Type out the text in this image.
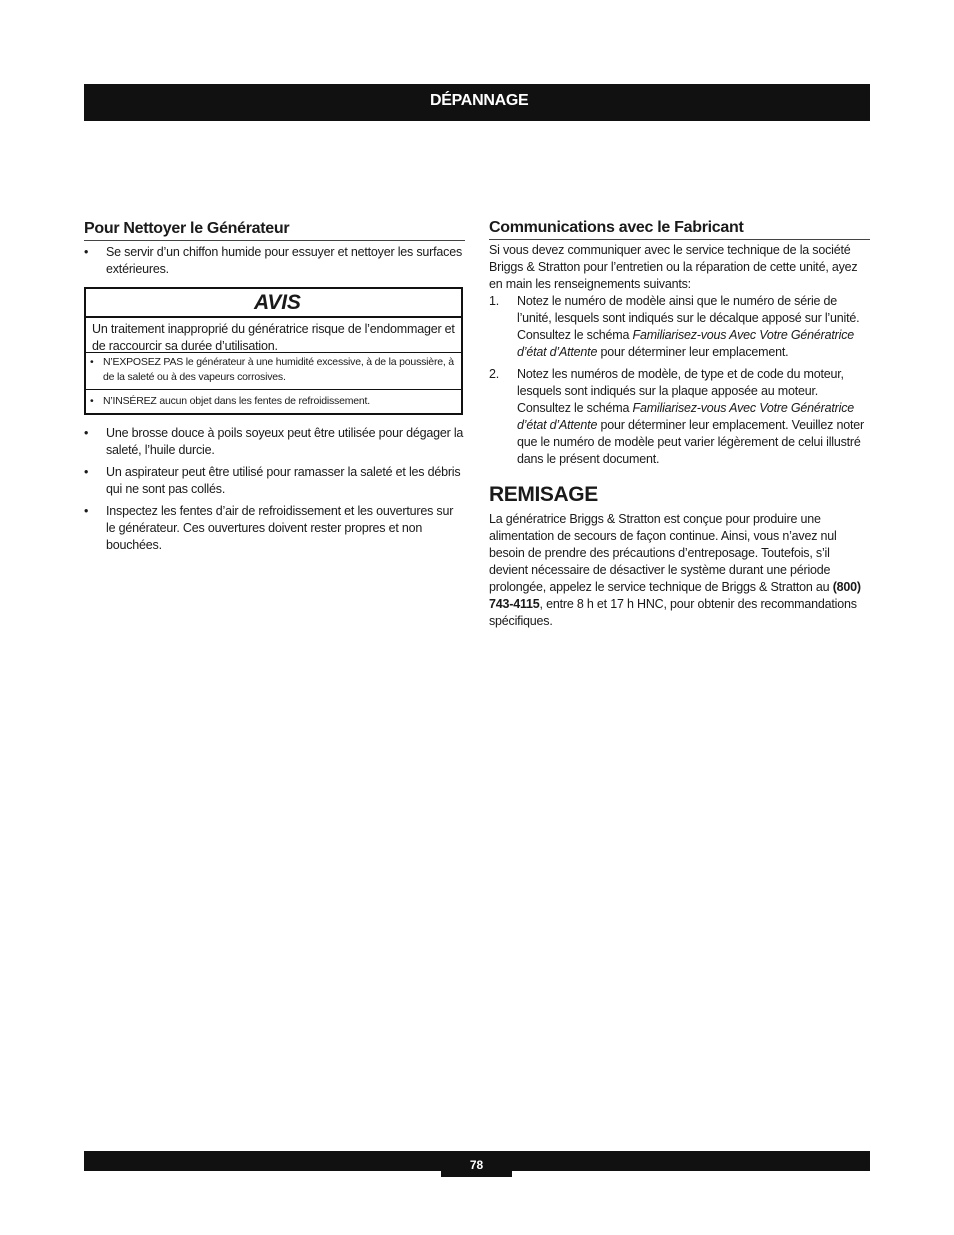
DÉPANNAGE
Pour Nettoyer le Générateur
• Se servir d’un chiffon humide pour essuyer et nettoyer les surfaces extérieures.
AVIS
Un traitement inapproprié du génératrice risque de l’endommager et de raccourcir sa durée d’utilisation.
• N’EXPOSEZ PAS le générateur à une humidité excessive, à de la poussière, à de la saleté ou à des vapeurs corrosives.
• N’INSÉREZ aucun objet dans les fentes de refroidissement.
• Une brosse douce à poils soyeux peut être utilisée pour dégager la saleté, l’huile durcie.
• Un aspirateur peut être utilisé pour ramasser la saleté et les débris qui ne sont pas collés.
• Inspectez les fentes d’air de refroidissement et les ouvertures sur le générateur. Ces ouvertures doivent rester propres et non bouchées.
Communications avec le Fabricant

Si vous devez communiquer avec le service technique de la société Briggs & Stratton pour l’entretien ou la réparation de cette unité, ayez en main les renseignements suivants:

1. Notez le numéro de modèle ainsi que le numéro de série de l’unité, lesquels sont indiqués sur le décalque apposé sur l’unité. Consultez le schéma Familiarisez-vous Avec Votre Génératrice d’état d’Attente pour déterminer leur emplacement.
2. Notez les numéros de modèle, de type et de code du moteur, lesquels sont indiqués sur la plaque apposée au moteur. Consultez le schéma Familiarisez-vous Avec Votre Génératrice d’état d’Attente pour déterminer leur emplacement. Veuillez noter que le numéro de modèle peut varier légèrement de celui illustré dans le présent document.
REMISAGE

La génératrice Briggs & Stratton est conçue pour produire une alimentation de secours de façon continue. Ainsi, vous n’avez nul besoin de prendre des précautions d’entreposage. Toutefois, s’il devient nécessaire de désactiver le système durant une période prolongée, appelez le service technique de Briggs & Stratton au (800) 743-4115, entre 8 h et 17 h HNC, pour obtenir des recommandations spécifiques.

78
